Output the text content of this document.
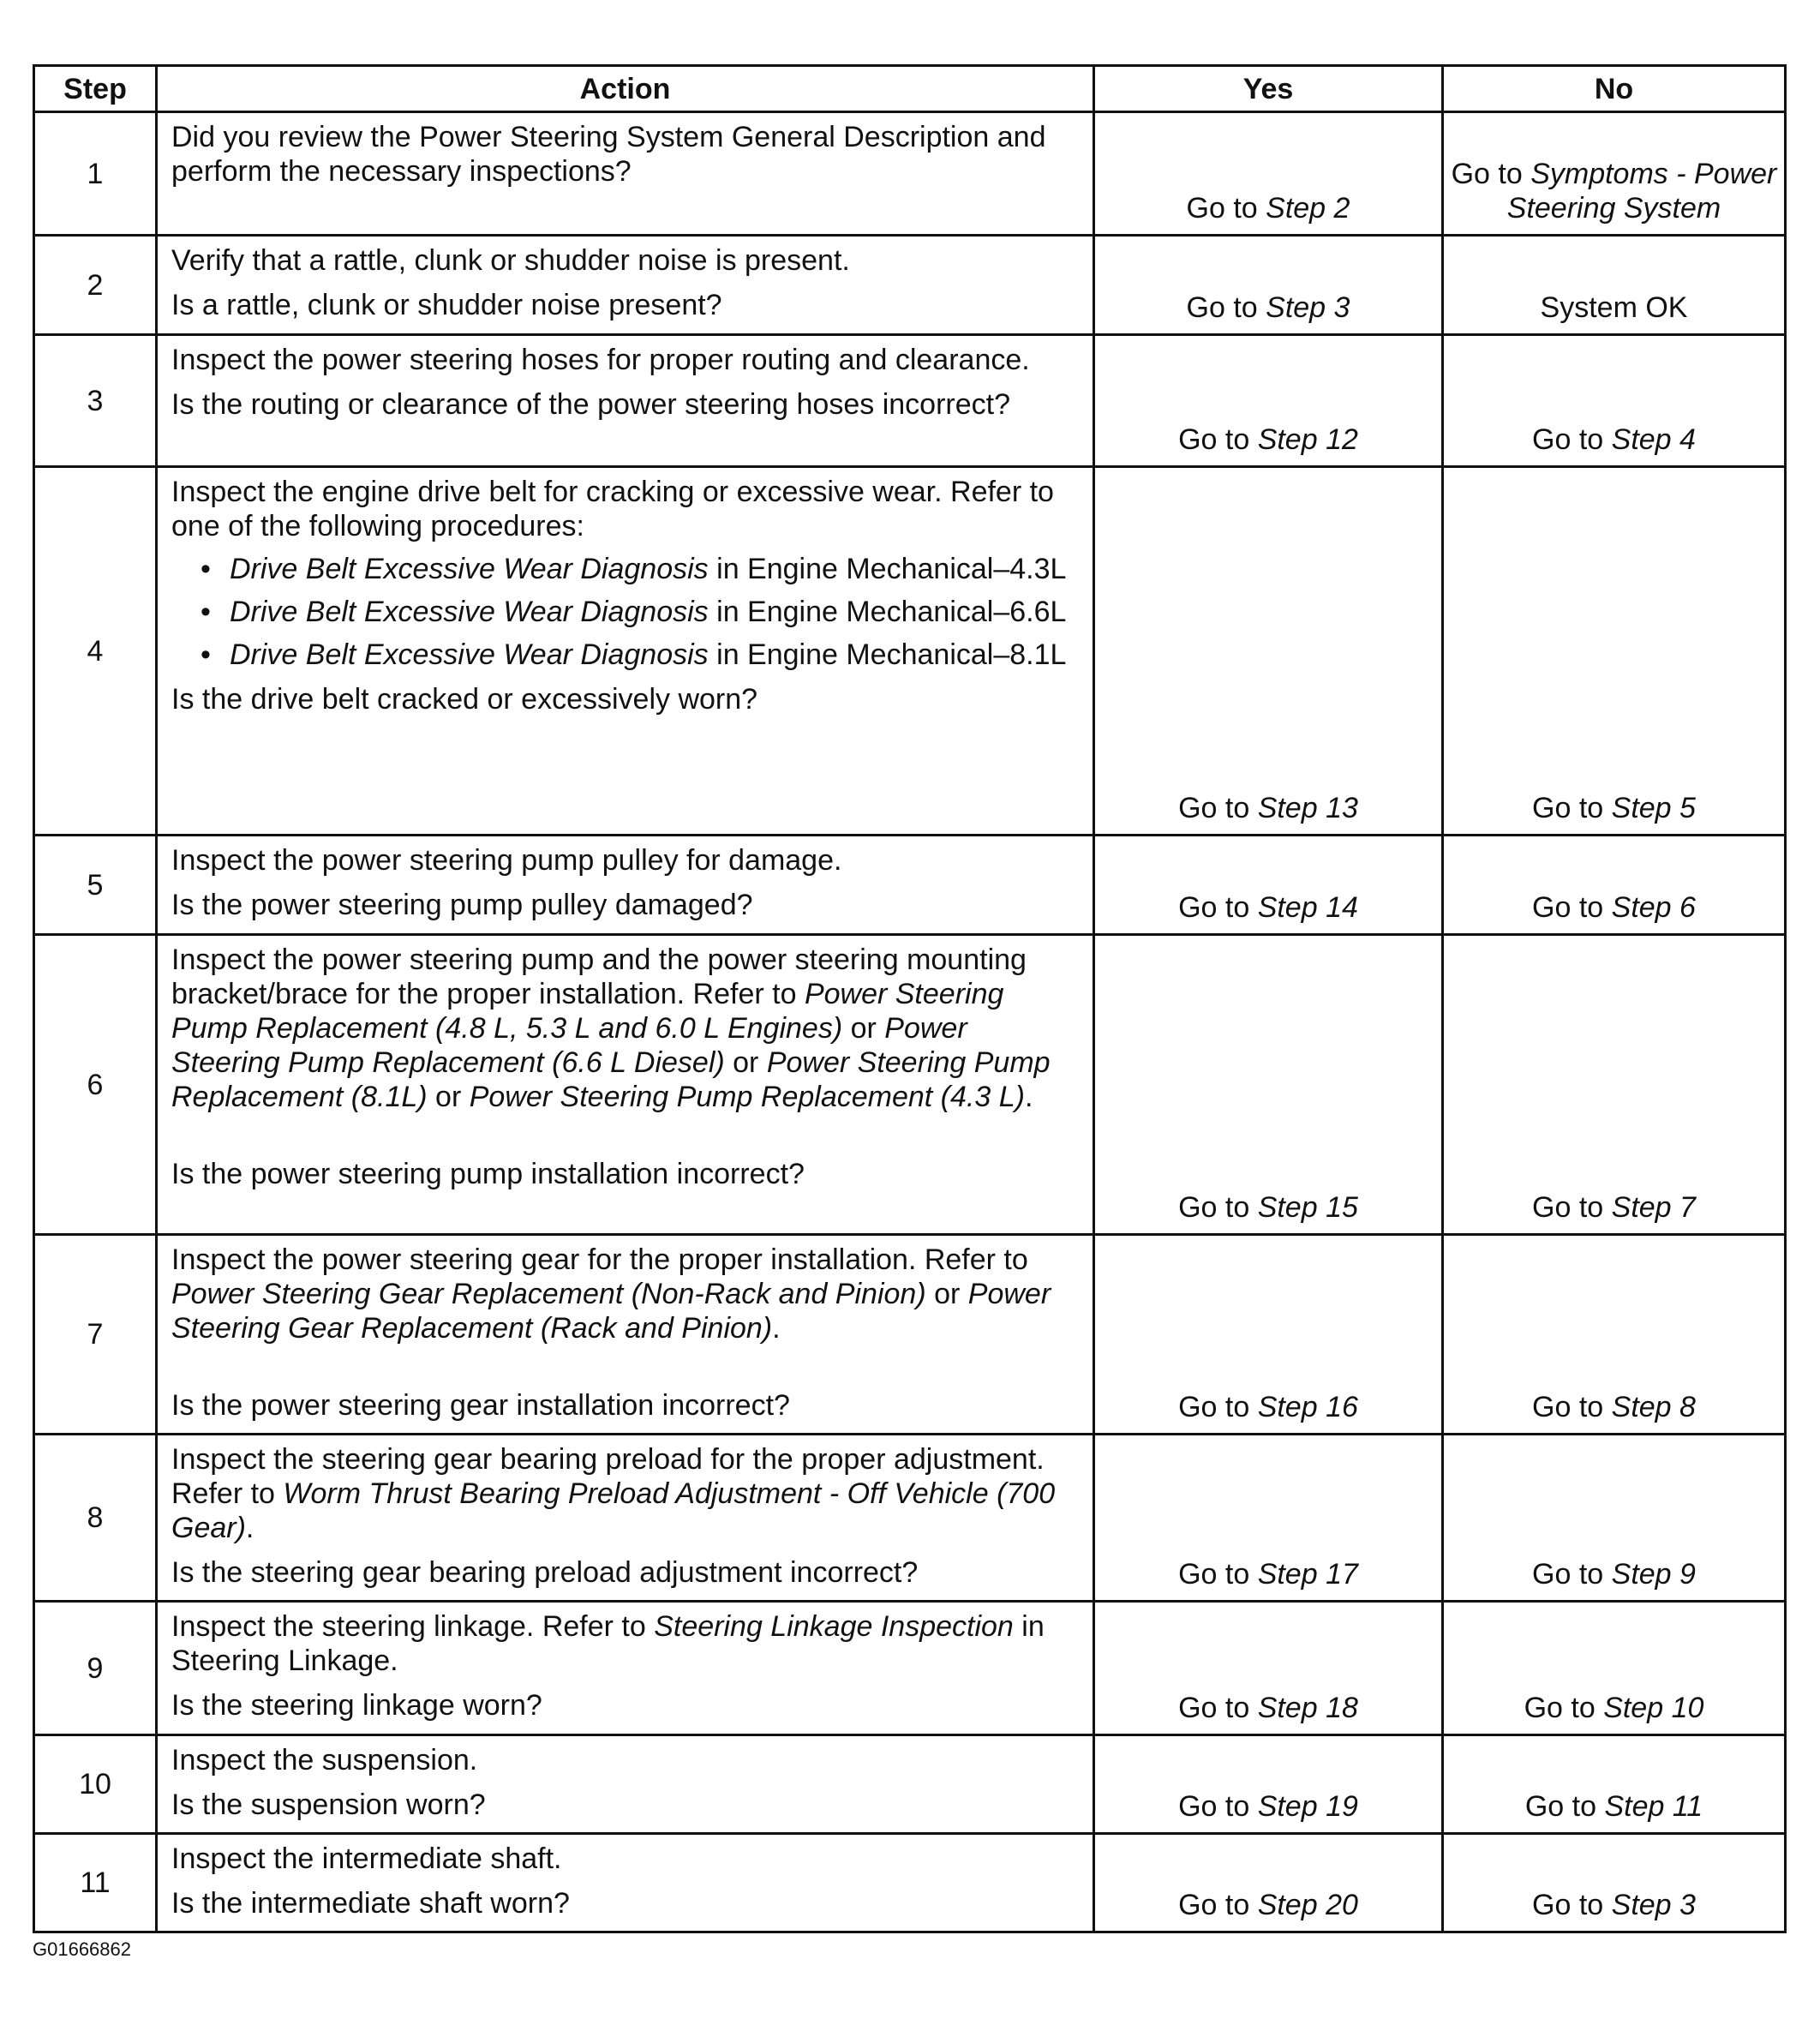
Step	Action	Yes	No
1	Did you review the Power Steering System General Description and perform the necessary inspections?	Go to Step 2	Go to Symptoms - Power Steering System
2	Verify that a rattle, clunk or shudder noise is present.
Is a rattle, clunk or shudder noise present?	Go to Step 3	System OK
3	Inspect the power steering hoses for proper routing and clearance.
Is the routing or clearance of the power steering hoses incorrect?	Go to Step 12	Go to Step 4
4	Inspect the engine drive belt for cracking or excessive wear. Refer to one of the following procedures:
• Drive Belt Excessive Wear Diagnosis in Engine Mechanical–4.3L
• Drive Belt Excessive Wear Diagnosis in Engine Mechanical–6.6L
• Drive Belt Excessive Wear Diagnosis in Engine Mechanical–8.1L
Is the drive belt cracked or excessively worn?	Go to Step 13	Go to Step 5
5	Inspect the power steering pump pulley for damage.
Is the power steering pump pulley damaged?	Go to Step 14	Go to Step 6
6	Inspect the power steering pump and the power steering mounting bracket/brace for the proper installation. Refer to Power Steering Pump Replacement (4.8 L, 5.3 L and 6.0 L Engines) or Power Steering Pump Replacement (6.6 L Diesel) or Power Steering Pump Replacement (8.1L) or Power Steering Pump Replacement (4.3 L).
Is the power steering pump installation incorrect?	Go to Step 15	Go to Step 7
7	Inspect the power steering gear for the proper installation. Refer to Power Steering Gear Replacement (Non-Rack and Pinion) or Power Steering Gear Replacement (Rack and Pinion).
Is the power steering gear installation incorrect?	Go to Step 16	Go to Step 8
8	Inspect the steering gear bearing preload for the proper adjustment. Refer to Worm Thrust Bearing Preload Adjustment - Off Vehicle (700 Gear).
Is the steering gear bearing preload adjustment incorrect?	Go to Step 17	Go to Step 9
9	Inspect the steering linkage. Refer to Steering Linkage Inspection in Steering Linkage.
Is the steering linkage worn?	Go to Step 18	Go to Step 10
10	Inspect the suspension.
Is the suspension worn?	Go to Step 19	Go to Step 11
11	Inspect the intermediate shaft.
Is the intermediate shaft worn?	Go to Step 20	Go to Step 3
G01666862
